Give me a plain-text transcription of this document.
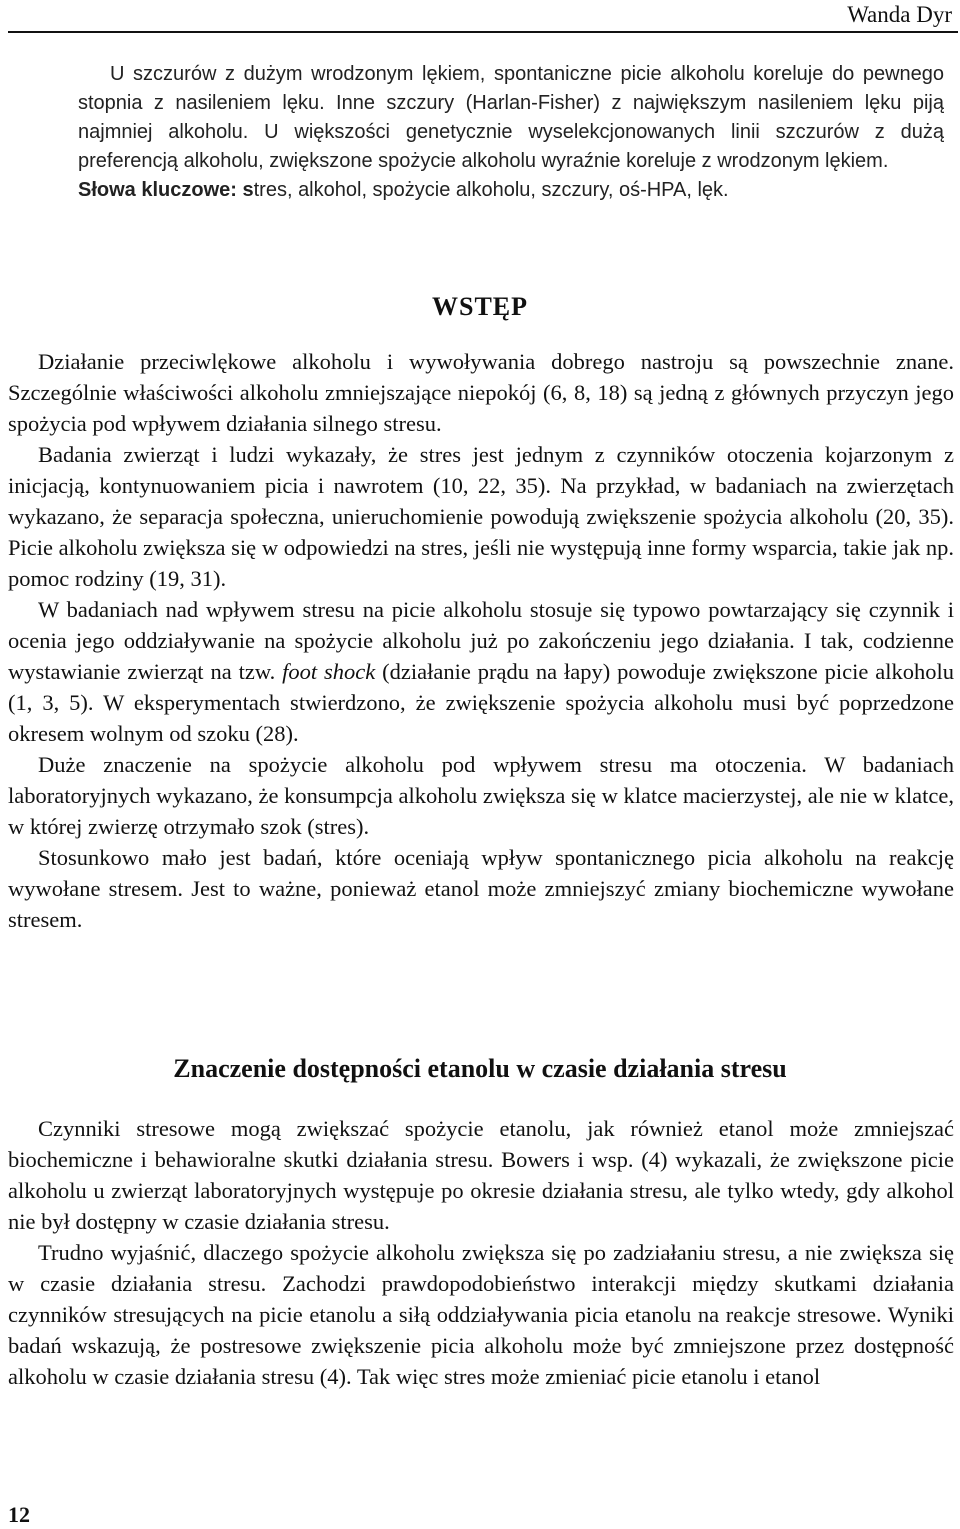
Wanda Dyr

U szczurów z dużym wrodzonym lękiem, spontaniczne picie alkoholu koreluje do pewnego stopnia z nasileniem lęku. Inne szczury (Harlan-Fisher) z największym nasileniem lęku piją najmniej alkoholu. U większości genetycznie wyselekcjonowanych linii szczurów z dużą preferencją alkoholu, zwiększone spożycie alkoholu wyraźnie koreluje z wrodzonym lękiem.

Słowa kluczowe: stres, alkohol, spożycie alkoholu, szczury, oś-HPA, lęk.

WSTĘP

Działanie przeciwlękowe alkoholu i wywoływania dobrego nastroju są powszechnie znane. Szczególnie właściwości alkoholu zmniejszające niepokój (6, 8, 18) są jedną z głównych przyczyn jego spożycia pod wpływem działania silnego stresu.

Badania zwierząt i ludzi wykazały, że stres jest jednym z czynników otoczenia kojarzonym z inicjacją, kontynuowaniem picia i nawrotem (10, 22, 35). Na przykład, w badaniach na zwierzętach wykazano, że separacja społeczna, unieruchomienie powodują zwiększenie spożycia alkoholu (20, 35). Picie alkoholu zwiększa się w odpowiedzi na stres, jeśli nie występują inne formy wsparcia, takie jak np. pomoc rodziny (19, 31).

W badaniach nad wpływem stresu na picie alkoholu stosuje się typowo powtarzający się czynnik i ocenia jego oddziaływanie na spożycie alkoholu już po zakończeniu jego działania. I tak, codzienne wystawianie zwierząt na tzw. foot shock (działanie prądu na łapy) powoduje zwiększone picie alkoholu (1, 3, 5). W eksperymentach stwierdzono, że zwiększenie spożycia alkoholu musi być poprzedzone okresem wolnym od szoku (28).

Duże znaczenie na spożycie alkoholu pod wpływem stresu ma otoczenia. W badaniach laboratoryjnych wykazano, że konsumpcja alkoholu zwiększa się w klatce macierzystej, ale nie w klatce, w której zwierzę otrzymało szok (stres).

Stosunkowo mało jest badań, które oceniają wpływ spontanicznego picia alkoholu na reakcję wywołane stresem. Jest to ważne, ponieważ etanol może zmniejszyć zmiany biochemiczne wywołane stresem.

Znaczenie dostępności etanolu w czasie działania stresu

Czynniki stresowe mogą zwiększać spożycie etanolu, jak również etanol może zmniejszać biochemiczne i behawioralne skutki działania stresu. Bowers i wsp. (4) wykazali, że zwiększone picie alkoholu u zwierząt laboratoryjnych występuje po okresie działania stresu, ale tylko wtedy, gdy alkohol nie był dostępny w czasie działania stresu.

Trudno wyjaśnić, dlaczego spożycie alkoholu zwiększa się po zadziałaniu stresu, a nie zwiększa się w czasie działania stresu. Zachodzi prawdopodobieństwo interakcji między skutkami działania czynników stresujących na picie etanolu a siłą oddziaływania picia etanolu na reakcje stresowe. Wyniki badań wskazują, że postresowe zwiększenie picia alkoholu może być zmniejszone przez dostępność alkoholu w czasie działania stresu (4). Tak więc stres może zmieniać picie etanolu i etanol

12
